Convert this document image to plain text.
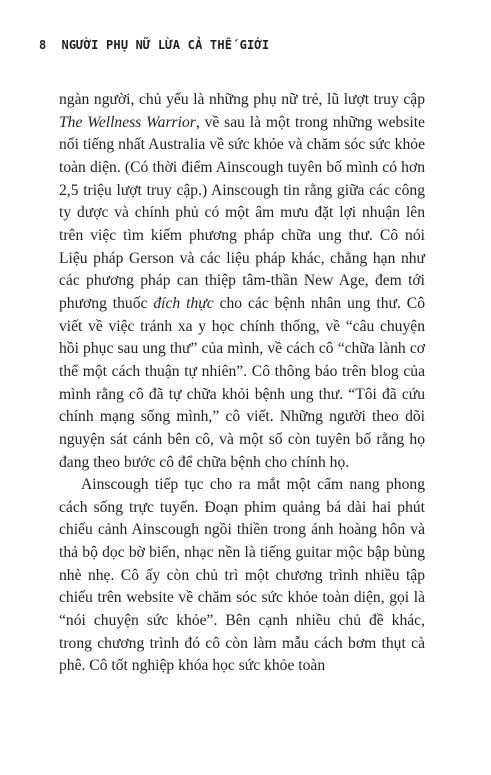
8 NGƯỜI PHỤ NỮ LỪA CẢ THẾ GIỚI

ngàn người, chủ yếu là những phụ nữ trẻ, lũ lượt truy cập The Wellness Warrior, về sau là một trong những website nổi tiếng nhất Australia về sức khỏe và chăm sóc sức khỏe toàn diện. (Có thời điểm Ainscough tuyên bố mình có hơn 2,5 triệu lượt truy cập.) Ainscough tin rằng giữa các công ty dược và chính phủ có một âm mưu đặt lợi nhuận lên trên việc tìm kiếm phương pháp chữa ung thư. Cô nói Liệu pháp Gerson và các liệu pháp khác, chẳng hạn như các phương pháp can thiệp tâm-thần New Age, đem tới phương thuốc đích thực cho các bệnh nhân ung thư. Cô viết về việc tránh xa y học chính thống, về “câu chuyện hồi phục sau ung thư” của mình, về cách cô “chữa lành cơ thể một cách thuận tự nhiên”. Cô thông báo trên blog của mình rằng cô đã tự chữa khỏi bệnh ung thư. “Tôi đã cứu chính mạng sống mình,” cô viết. Những người theo dõi nguyện sát cánh bên cô, và một số còn tuyên bố rằng họ đang theo bước cô để chữa bệnh cho chính họ.

Ainscough tiếp tục cho ra mắt một cẩm nang phong cách sống trực tuyến. Đoạn phim quảng bá dài hai phút chiếu cảnh Ainscough ngồi thiền trong ánh hoàng hôn và thả bộ dọc bờ biển, nhạc nền là tiếng guitar mộc bập bùng nhè nhẹ. Cô ấy còn chủ trì một chương trình nhiều tập chiếu trên website về chăm sóc sức khỏe toàn diện, gọi là “nói chuyện sức khỏe”. Bên cạnh nhiều chủ đề khác, trong chương trình đó cô còn làm mẫu cách bơm thụt cà phê. Cô tốt nghiệp khóa học sức khỏe toàn
